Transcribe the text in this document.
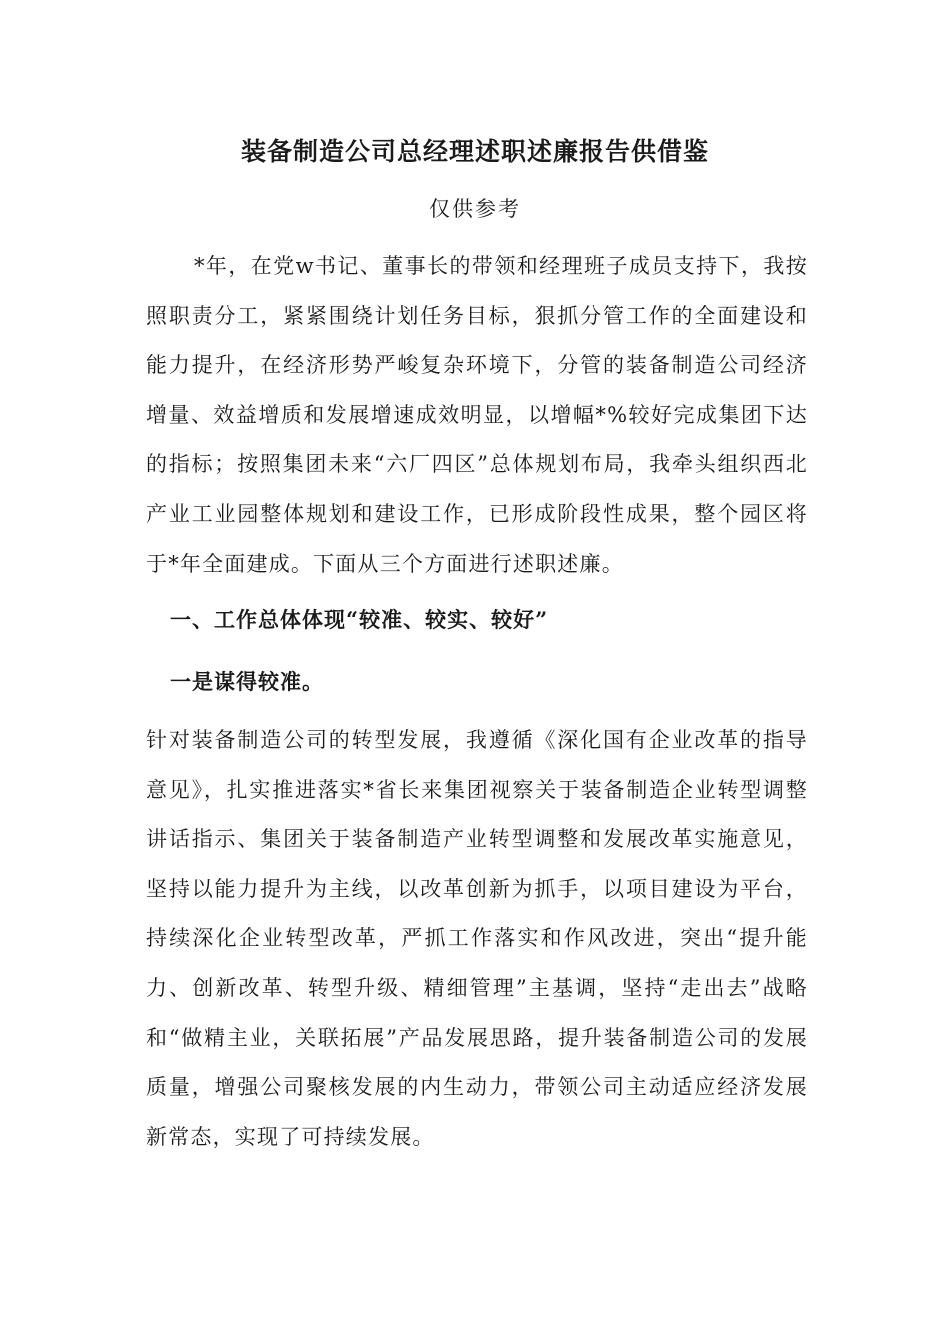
装备制造公司总经理述职述廉报告供借鉴

仅供参考

*年，在党w书记、董事长的带领和经理班子成员支持下，我按照职责分工，紧紧围绕计划任务目标，狠抓分管工作的全面建设和能力提升，在经济形势严峻复杂环境下，分管的装备制造公司经济增量、效益增质和发展增速成效明显，以增幅*%较好完成集团下达的指标；按照集团未来“六厂四区”总体规划布局，我牵头组织西北产业工业园整体规划和建设工作，已形成阶段性成果，整个园区将于*年全面建成。下面从三个方面进行述职述廉。

一、工作总体体现“较准、较实、较好”
一是谋得较准。

针对装备制造公司的转型发展，我遵循《深化国有企业改革的指导意见》，扎实推进落实*省长来集团视察关于装备制造企业转型调整讲话指示、集团关于装备制造产业转型调整和发展改革实施意见，坚持以能力提升为主线，以改革创新为抓手，以项目建设为平台，持续深化企业转型改革，严抓工作落实和作风改进，突出“提升能力、创新改革、转型升级、精细管理”主基调，坚持“走出去”战略和“做精主业，关联拓展”产品发展思路，提升装备制造公司的发展质量，增强公司聚核发展的内生动力，带领公司主动适应经济发展新常态，实现了可持续发展。
